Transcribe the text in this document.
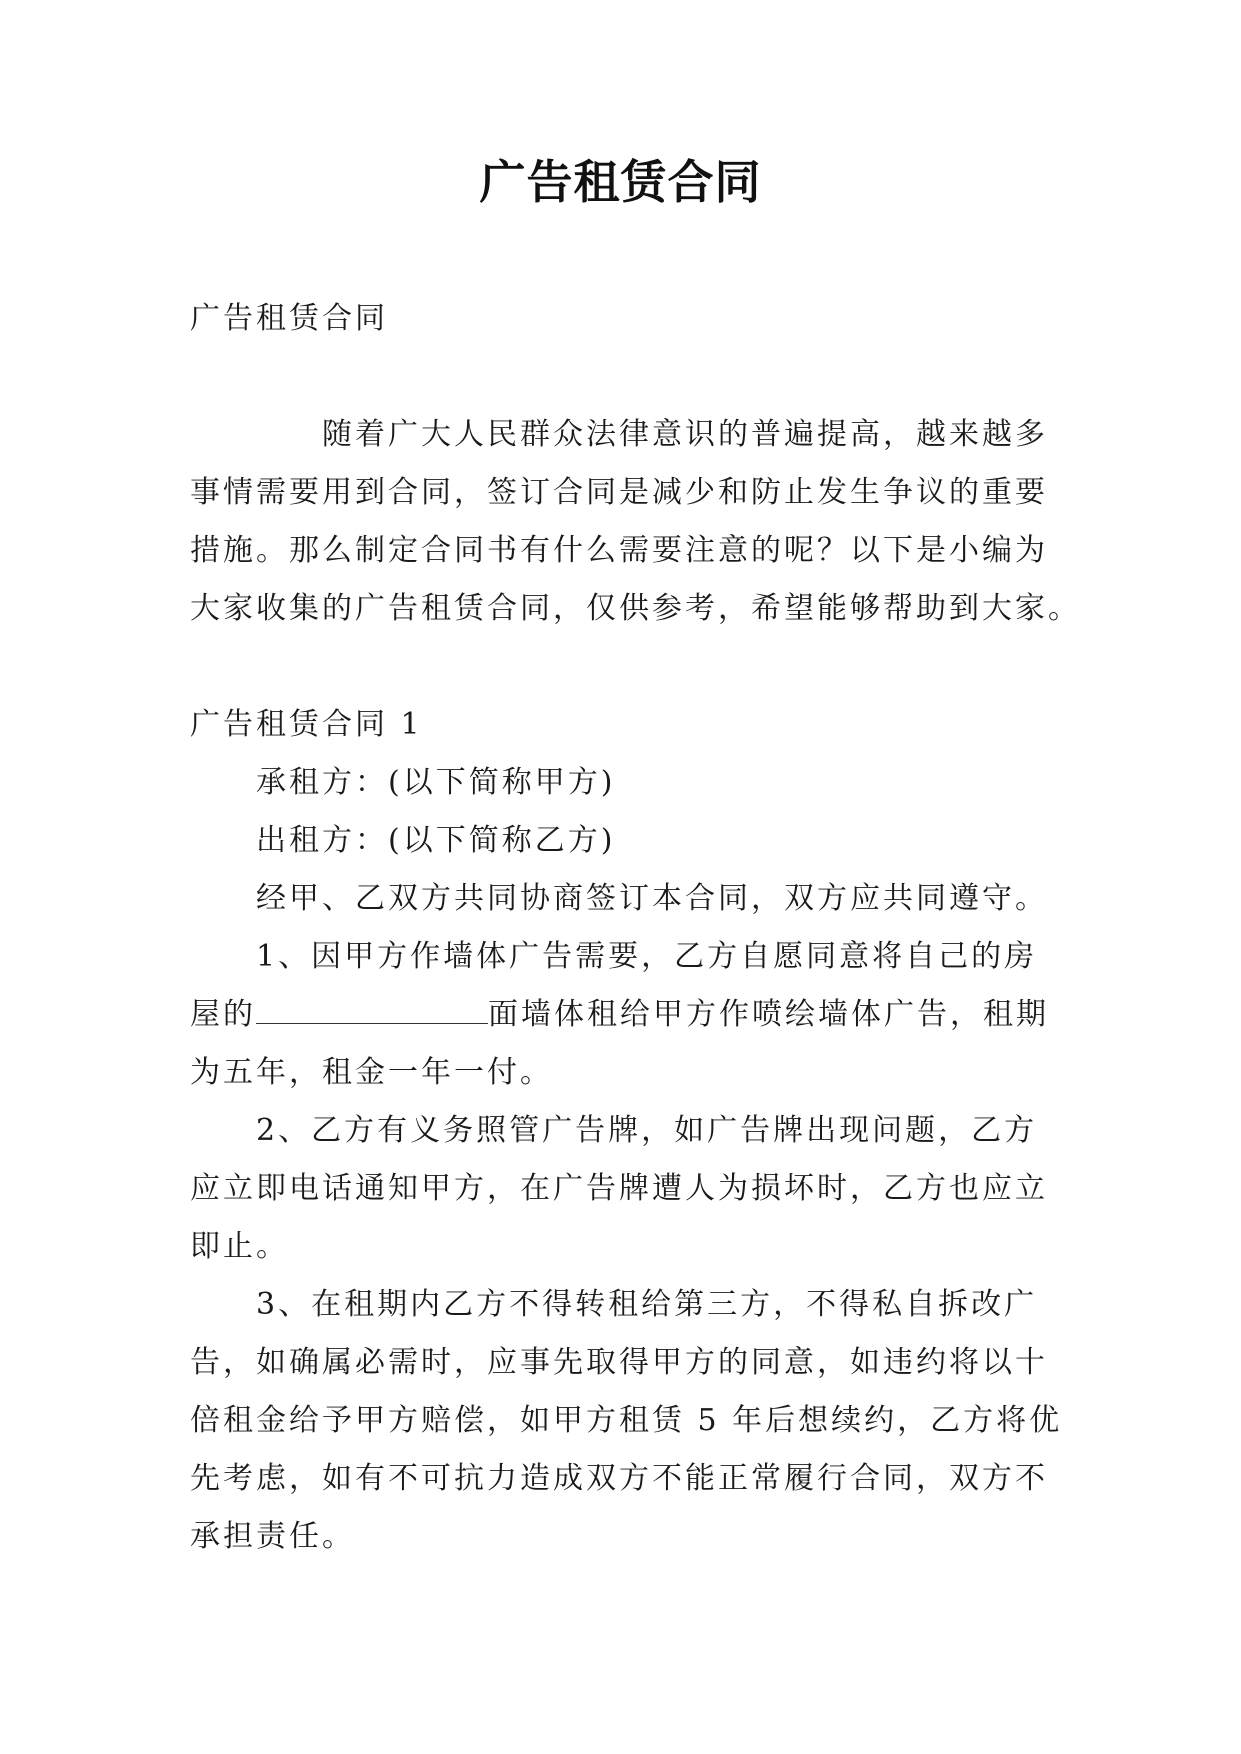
广告租赁合同
广告租赁合同
　　　　随着广大人民群众法律意识的普遍提高，越来越多
事情需要用到合同，签订合同是减少和防止发生争议的重要
措施。那么制定合同书有什么需要注意的呢？以下是小编为
大家收集的广告租赁合同，仅供参考，希望能够帮助到大家。
广告租赁合同 1
　　承租方：(以下简称甲方)
　　出租方：(以下简称乙方)
　　经甲、乙双方共同协商签订本合同，双方应共同遵守。
　　1、因甲方作墙体广告需要，乙方自愿同意将自己的房
屋的	面墙体租给甲方作喷绘墙体广告，租期
为五年，租金一年一付。
　　2、乙方有义务照管广告牌，如广告牌出现问题，乙方
应立即电话通知甲方，在广告牌遭人为损坏时，乙方也应立
即止。
　　3、在租期内乙方不得转租给第三方，不得私自拆改广
告，如确属必需时，应事先取得甲方的同意，如违约将以十
倍租金给予甲方赔偿，如甲方租赁 5 年后想续约，乙方将优
先考虑，如有不可抗力造成双方不能正常履行合同，双方不
承担责任。
